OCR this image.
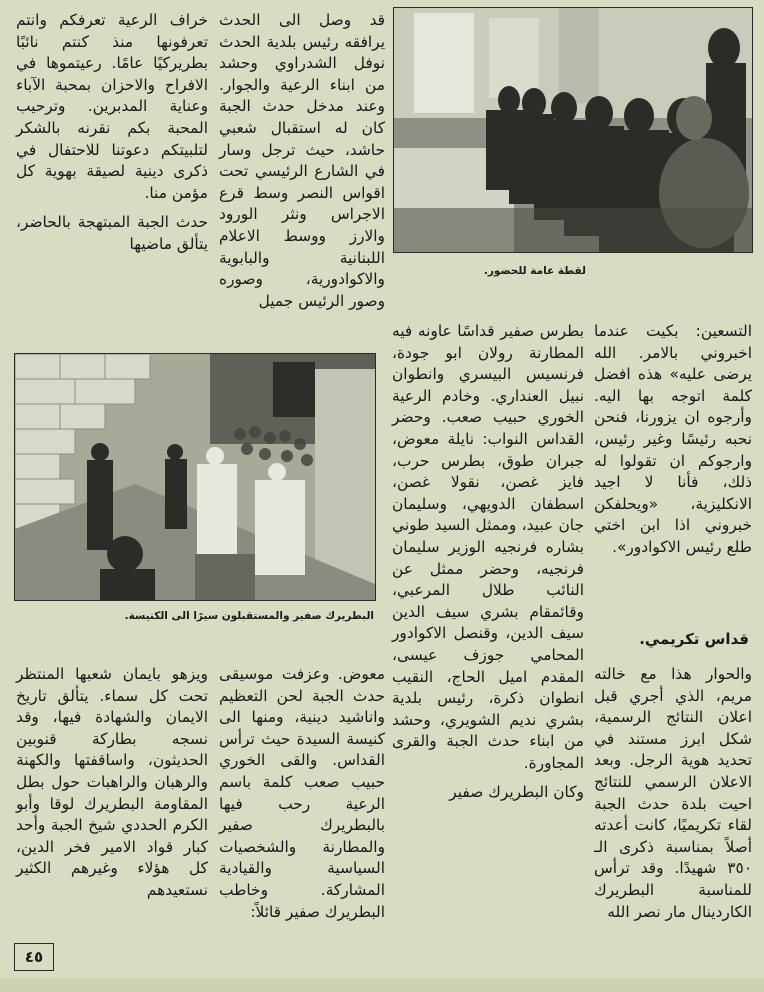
لقطة عامة للحضور.

قد وصل الى الحدث يرافقه رئيس بلدية الحدث نوفل الشدراوي وحشد من ابناء الرعية والجوار. وعند مدخل حدث الجبة كان له استقبال شعبي حاشد، حيث ترجل وسار في الشارع الرئيسي تحت اقواس النصر وسط قرع الاجراس ونثر الورود والارز ووسط الاعلام اللبنانية والبابوية والاكوادورية، وصوره وصور الرئيس جميل

خراف الرعية تعرفكم وانتم تعرفونها منذ كنتم نائبًا بطريركيًا عامًا. رعيتموها في الافراح والاحزان بمحبة الآباء وعناية المدبرين. وترحيب المحبة بكم نقرنه بالشكر لتلبيتكم دعوتنا للاحتفال في ذكرى دينية لصيقة بهوية كل مؤمن منا.

حدث الجبة المبتهجة بالحاضر، يتألق ماضيها

البطريرك صفير والمستقبلون سيرًا الى الكنيسة.

التسعين: بكيت عندما اخبروني بالامر. الله يرضى عليه» هذه افضل كلمة اتوجه بها اليه. وأرجوه ان يزورنا، فنحن نحبه رئيسًا وغير رئيس، وارجوكم ان تقولوا له ذلك، فأنا لا اجيد الانكليزية، «ويحلفكن خبروني اذا ابن اختي طلع رئيس الاكوادور».

قداس تكريمي.

والحوار هذا مع خالته مريم، الذي أجري قبل اعلان النتائج الرسمية، شكل ابرز مستند في تحديد هوية الرجل. وبعد الاعلان الرسمي للنتائج احيت بلدة حدث الجبة لقاء تكريميًا، كانت أعدته أصلاً بمناسبة ذكرى الـ ٣٥٠ شهيدًا. وقد ترأس للمناسبة البطريرك الكاردينال مار نصر الله

بطرس صفير قداسًا عاونه فيه المطارنة رولان ابو جودة، فرنسيس البيسري وانطوان نبيل العنداري. وخادم الرعية الخوري حبيب صعب. وحضر القداس النواب: نايلة معوض، جبران طوق، بطرس حرب، فايز غصن، نقولا غصن، اسطفان الدويهي، وسليمان جان عبيد، وممثل السيد طوني بشاره فرنجيه الوزير سليمان فرنجيه، وحضر ممثل عن النائب طلال المرعبي، وقائمقام بشري سيف الدين سيف الدين، وقنصل الاكوادور المحامي جوزف عيسى، المقدم اميل الحاج، النقيب انطوان ذكرة، رئيس بلدية بشري نديم الشويري، وحشد من ابناء حدث الجبة والقرى المجاورة.

وكان البطريرك صفير

معوض. وعزفت موسيقى حدث الجبة لحن التعظيم واناشيد دينية، ومنها الى كنيسة السيدة حيث ترأس القداس. والقى الخوري حبيب صعب كلمة باسم الرعية رحب فيها بالبطريرك صفير والمطارنة والشخصيات السياسية والقيادية المشاركة. وخاطب البطريرك صفير قائلاً:

ويزهو بايمان شعبها المنتظر تحت كل سماء. يتألق تاريخ الايمان والشهادة فيها، وقد نسجه بطاركة قنوبين الحديثون، واساقفتها والكهنة والرهبان والراهبات حول بطل المقاومة البطريرك لوقا وأبو الكرم الحددي شيخ الجبة وأحد كبار قواد الامير فخر الدين، كل هؤلاء وغيرهم الكثير نستعيدهم

٤٥
